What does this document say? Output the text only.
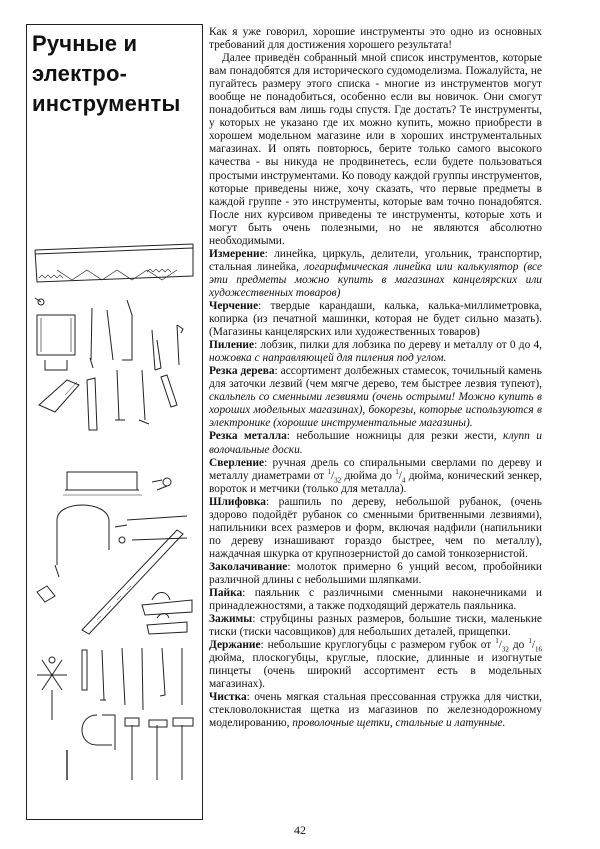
Ручные и
электро-
инструменты

Как я уже говорил, хорошие инструменты это одно из основных требований для достижения хорошего результата!

Далее приведён собранный мной список инструментов, которые вам понадобятся для исторического судомоделизма. Пожалуйста, не пугайтесь размеру этого списка - многие из инструментов могут вообще не понадобиться, особенно если вы новичок. Они смогут понадобиться вам лишь годы спустя. Где достать? Те инструменты, у которых не указано где их можно купить, можно приобрести в хорошем модельном магазине или в хороших инструментальных магазинах. И опять повторюсь, берите только самого высокого качества - вы никуда не продвинетесь, если будете пользоваться простыми инструментами. Ко поводу каждой группы инструментов, которые приведены ниже, хочу сказать, что первые предметы в каждой группе - это инструменты, которые вам точно понадобятся. После них курсивом приведены те инструменты, которые хоть и могут быть очень полезными, но не являются абсолютно необходимыми.

Измерение: линейка, циркуль, делители, угольник, транспортир, стальная линейка, логарифмическая линейка или калькулятор (все эти предметы можно купить в магазинах канцелярских или художественных товаров)

Черчение: твердые карандаши, калька, калька-миллиметровка, копирка (из печатной машинки, которая не будет сильно мазать). (Магазины канцелярских или художественных товаров)

Пиление: лобзик, пилки для лобзика по дереву и металлу от 0 до 4, ножовка с направляющей для пиления под углом.

Резка дерева: ассортимент долбежных стамесок, точильный камень для заточки лезвий (чем мягче дерево, тем быстрее лезвия тупеют), скальпель со сменными лезвиями (очень острыми! Можно купить в хороших модельных магазинах), бокорезы, которые используются в электронике (хорошие инструментальные магазины).

Резка металла: небольшие ножницы для резки жести, клупп и волочальные доски.

Сверление: ручная дрель со спиральными сверлами по дереву и металлу диаметрами от $^1/_{32}$ дюйма до $^1/_4$ дюйма, конический зенкер, вороток и метчики (только для металла).

Шлифовка: рашпиль по дереву, небольшой рубанок, (очень здорово подойдёт рубанок со сменными бритвенными лезвиями), напильники всех размеров и форм, включая надфили (напильники по дереву изнашивают гораздо быстрее, чем по металлу), наждачная шкурка от крупнозернистой до самой тонкозернистой.

Заколачивание: молоток примерно 6 унций весом, пробойники различной длины с небольшими шляпками.

Пайка: паяльник с различными сменными наконечниками и принадлежностями, а также подходящий держатель паяльника.

Зажимы: струбцины разных размеров, большие тиски, маленькие тиски (тиски часовщиков) для небольших деталей, прищепки.

Держание: небольшие круглогубцы с размером губок от $^1/_{32}$ до $^1/_{16}$ дюйма, плоскогубцы, круглые, плоские, длинные и изогнутые пинцеты (очень широкий ассортимент есть в модельных магазинах).

Чистка: очень мягкая стальная прессованная стружка для чистки, стекловолокнистая щетка из магазинов по железнодорожному моделированию, проволочные щетки, стальные и латунные.

42
